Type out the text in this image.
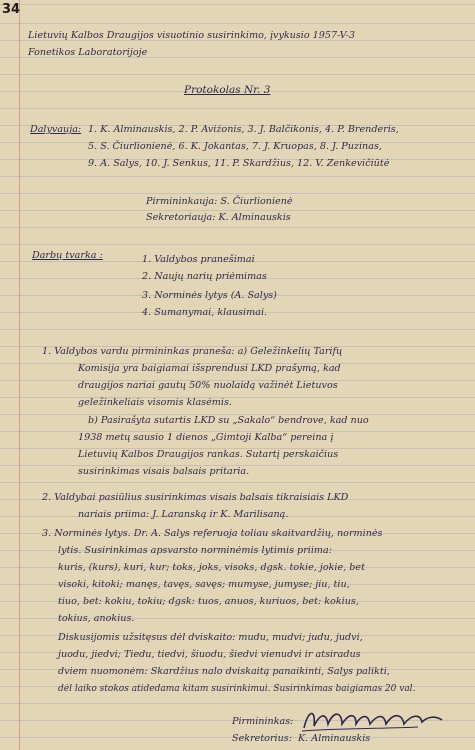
34
Lietuvių Kalbos Draugijos visuotinio susirinkimo, įvykusio 1957-V-3
Fonetikos Laboratorijoje
Protokolas Nr. 3
Dalyvauja: 1. K. Alminauskis, 2. P. Aviżonis, 3. J. Balčikonis, 4. P. Brenderis,
5. S. Čiurlionienė, 6. K. Jokantas, 7. J. Kruopas, 8. J. Puzinas,
9. A. Salys, 10. J. Senkus, 11. P. Skardžius, 12. V. Zenkevičiūtė
Pirmininkauja: S. Čiurlionienė
Sekretoriauja: K. Alminauskis
Darbų tvarka :	1. Valdybos pranešimai
2. Naujų narių priėmimas
3. Norminės lytys (A. Salys)
4. Sumanymai, klausimai.
1. Valdybos vardu pirmininkas praneša: a) Geležinkelių Tarifų
Komisija yra baigiamai išsprendusi LKD prašymą, kad
draugijos nariai gautų 50% nuolaidą važinėt Lietuvos
geležinkeliais visomis klasėmis.
b) Pasirašyta sutartis LKD su „Sakalo“ bendrove, kad nuo
1938 metų sausio 1 dienos „Gimtoji Kalba“ pereina į
Lietuvių Kalbos Draugijos rankas. Sutartį perskaičius
susirinkimas visais balsais pritaria.
2. Valdybai pasiūlius susirinkimas visais balsais tikraisiais LKD
nariais priima: J. Laranską ir K. Marilisaną.
3. Norminės lytys. Dr. A. Salys referuoja toliau skaitvardžių, norminės
lytis. Susirinkimas apsvarsto norminėmis lytimis priima:
kuris, (kurs), kuri, kur; toks, joks, visoks, dgsk. tokie, jokie, bet
visoki, kitoki; manęs, tavęs, savęs; mumyse, jumyse; jiu, tiu,
tiuo, bet: kokiu, tokiu; dgsk: tuos, anuos, kuriuos, bet: kokius,
tokius, anokius.
Diskusijomis užsitęsus dėl dviskaito: mudu, mudvi; judu, judvi,
juodu, jiedvi; Tiedu, tiedvi, šiuodu, šiedvi vienudvi ir atsiradus
dviem nuomonėm: Skardžius nalo dviskaitą panaikinti, Salys palikti,
dėl laiko stokos atidedama kitam susirinkimui. Susirinkimas baigiamas 20 val.
Pirmininkas:
Sekretorius: K. Alminauskis
